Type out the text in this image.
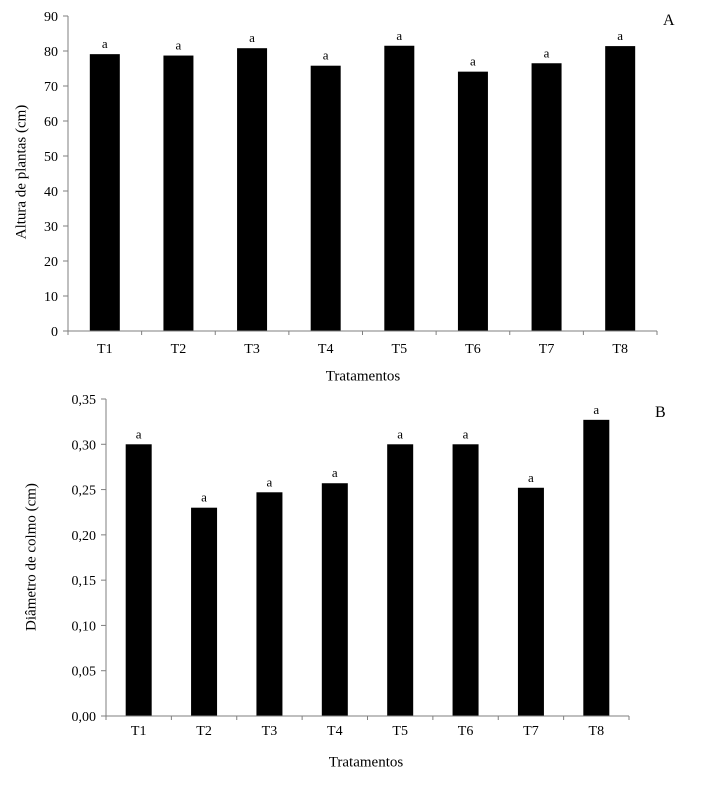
Altura de plantas (cm)
a	a	a
a
a
a
a
a
0
10
20
30
40
50
60
70
80
90
T1	T2	T3	T4	T5	T6	T7	T8
Tratamentos
A
Diâmetro de colmo (cm)
a
a
a
a
a	a
a
a
0,00
0,05
0,10
0,15
0,20
0,25
0,30
0,35
T1	T2	T3	T4	T5	T6	T7	T8
Tratamentos
B
